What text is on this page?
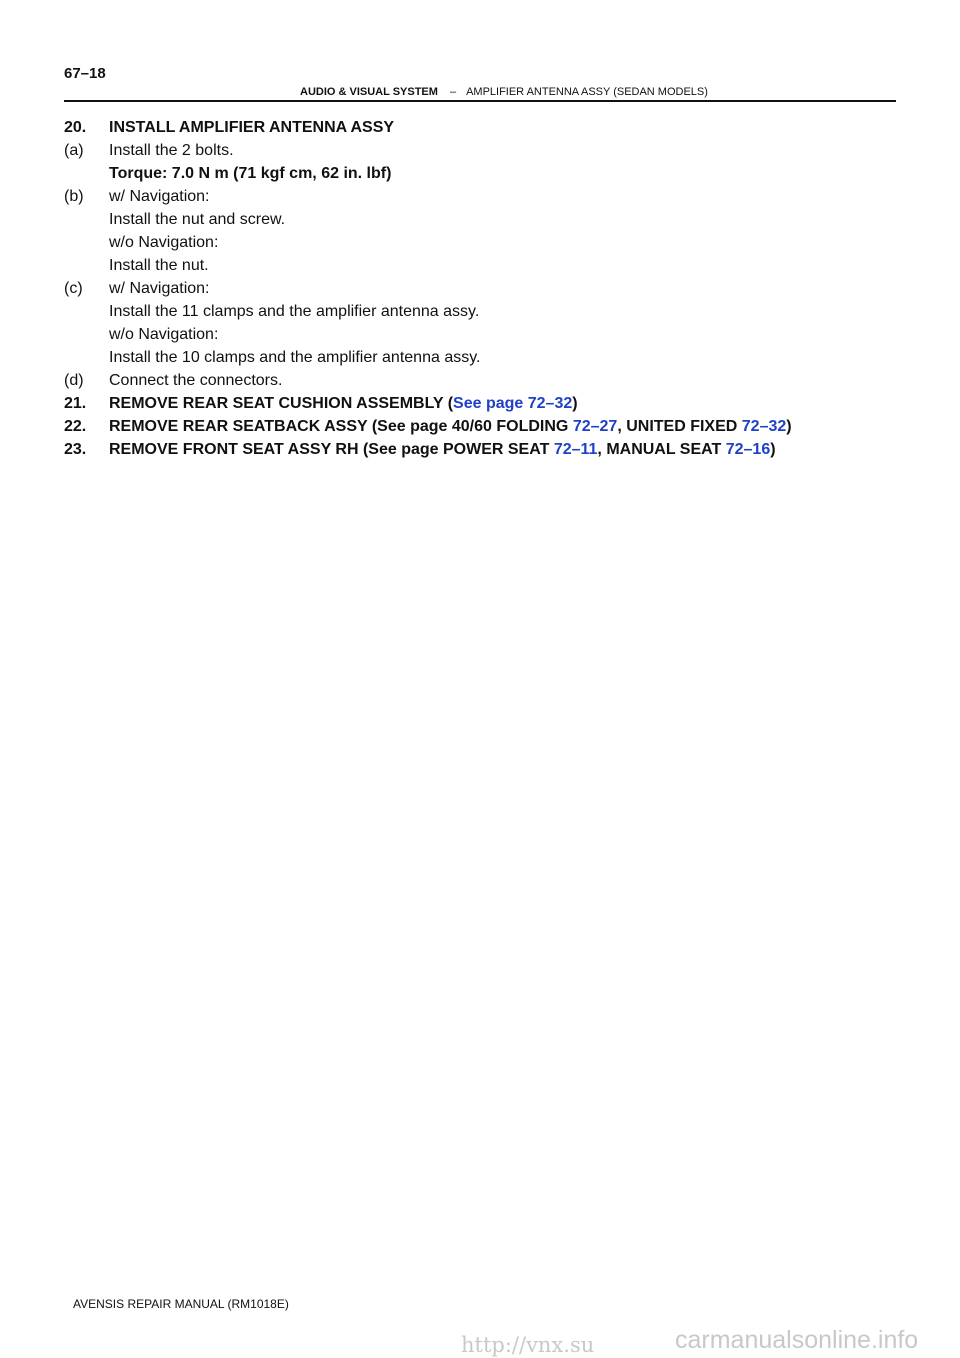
67–18
AUDIO & VISUAL SYSTEM – AMPLIFIER ANTENNA ASSY (SEDAN MODELS)
20.	INSTALL AMPLIFIER ANTENNA ASSY
(a)	Install the 2 bolts.
Torque: 7.0 N m (71 kgf cm, 62 in. lbf)
(b)	w/ Navigation:
Install the nut and screw.
w/o Navigation:
Install the nut.
(c)	w/ Navigation:
Install the 11 clamps and the amplifier antenna assy.
w/o Navigation:
Install the 10 clamps and the amplifier antenna assy.
(d)	Connect the connectors.
21.	REMOVE REAR SEAT CUSHION ASSEMBLY (See page 72–32)
22.	REMOVE REAR SEATBACK ASSY (See page 40/60 FOLDING 72–27, UNITED FIXED 72–32)
23.	REMOVE FRONT SEAT ASSY RH (See page POWER SEAT 72–11, MANUAL SEAT 72–16)
AVENSIS REPAIR MANUAL (RM1018E)
http://vnx.su	carmanualsonline.info
